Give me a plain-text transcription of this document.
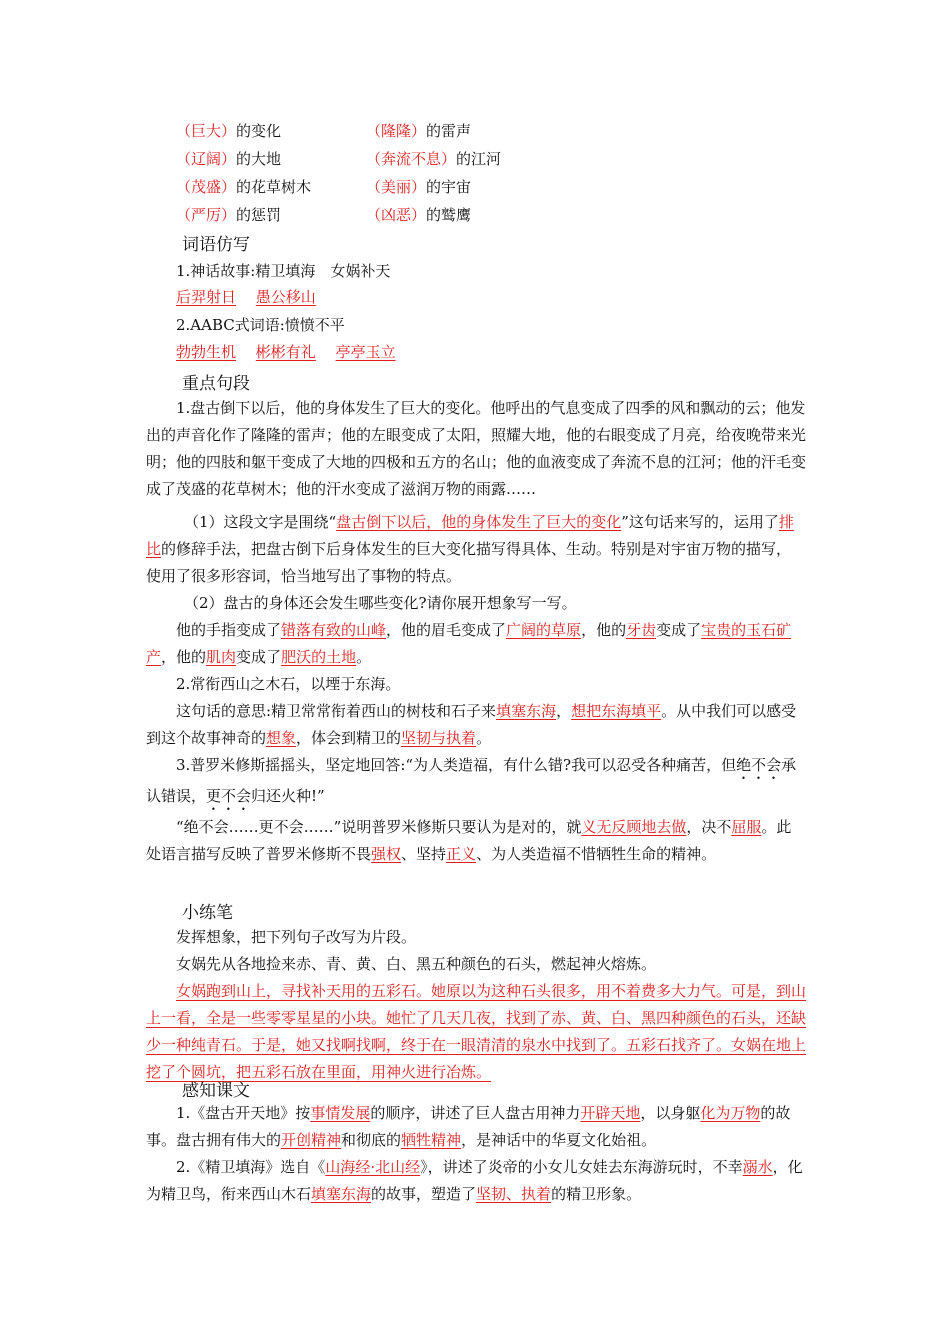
（巨大）的变化	（隆隆）的雷声
（辽阔）的大地	（奔流不息）的江河
（茂盛）的花草树木	（美丽）的宇宙
（严厉）的惩罚	（凶恶）的鹫鹰
词语仿写
1.神话故事:精卫填海　女娲补天
后羿射日　 愚公移山
2.AABC式词语:愤愤不平
勃勃生机　 彬彬有礼　 亭亭玉立
重点句段

1.盘古倒下以后，他的身体发生了巨大的变化。他呼出的气息变成了四季的风和飘动的云；他发出的声音化作了隆隆的雷声；他的左眼变成了太阳，照耀大地，他的右眼变成了月亮，给夜晚带来光明；他的四肢和躯干变成了大地的四极和五方的名山；他的血液变成了奔流不息的江河；他的汗毛变成了茂盛的花草树木；他的汗水变成了滋润万物的雨露……

（1）这段文字是围绕“盘古倒下以后，他的身体发生了巨大的变化”这句话来写的，运用了排比的修辞手法，把盘古倒下后身体发生的巨大变化描写得具体、生动。特别是对宇宙万物的描写，使用了很多形容词，恰当地写出了事物的特点。

（2）盘古的身体还会发生哪些变化?请你展开想象写一写。

他的手指变成了错落有致的山峰，他的眉毛变成了广阔的草原，他的牙齿变成了宝贵的玉石矿产，他的肌肉变成了肥沃的土地。

2.常衔西山之木石，以堙于东海。

这句话的意思:精卫常常衔着西山的树枝和石子来填塞东海，想把东海填平。从中我们可以感受到这个故事神奇的想象，体会到精卫的坚韧与执着。

3.普罗米修斯摇摇头，坚定地回答:“为人类造福，有什么错?我可以忍受各种痛苦，但绝不会承认错误，更不会归还火种!”

“绝不会……更不会……”说明普罗米修斯只要认为是对的，就义无反顾地去做，决不屈服。此处语言描写反映了普罗米修斯不畏强权、坚持正义、为人类造福不惜牺牲生命的精神。

小练笔

发挥想象，把下列句子改写为片段。

女娲先从各地捡来赤、青、黄、白、黑五种颜色的石头，燃起神火熔炼。

女娲跑到山上，寻找补天用的五彩石。她原以为这种石头很多，用不着费多大力气。可是，到山上一看，全是一些零零星星的小块。她忙了几天几夜，找到了赤、黄、白、黑四种颜色的石头，还缺少一种纯青石。于是，她又找啊找啊，终于在一眼清清的泉水中找到了。五彩石找齐了。女娲在地上挖了个圆坑，把五彩石放在里面，用神火进行冶炼。

感知课文

1.《盘古开天地》按事情发展的顺序，讲述了巨人盘古用神力开辟天地，以身躯化为万物的故事。盘古拥有伟大的开创精神和彻底的牺牲精神，是神话中的华夏文化始祖。

2.《精卫填海》选自《山海经·北山经》，讲述了炎帝的小女儿女娃去东海游玩时，不幸溺水，化为精卫鸟，衔来西山木石填塞东海的故事，塑造了坚韧、执着的精卫形象。
